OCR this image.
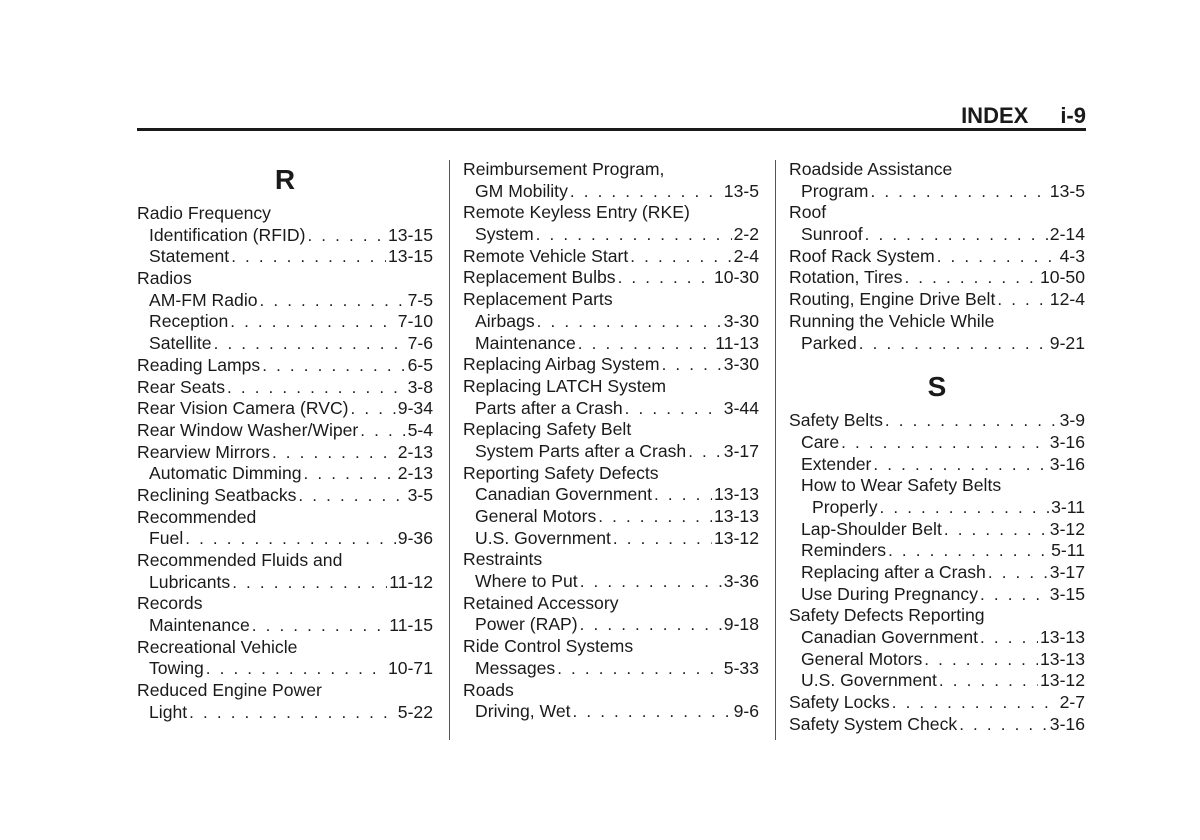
INDEX i-9
R
Radio Frequency
Identification (RFID) . . .	13-15
Statement . . .	13-15
Radios
AM-FM Radio . . .	7-5
Reception . . .	7-10
Satellite . . .	7-6
Reading Lamps . . .	6-5
Rear Seats . . .	3-8
Rear Vision Camera (RVC) . . .	9-34
Rear Window Washer/Wiper . . .	5-4
Rearview Mirrors . . .	2-13
Automatic Dimming . . .	2-13
Reclining Seatbacks . . .	3-5
Recommended
Fuel . . .	9-36
Recommended Fluids and
Lubricants . . .	11-12
Records
Maintenance . . .	11-15
Recreational Vehicle
Towing . . .	10-71
Reduced Engine Power
Light . . .	5-22
Reimbursement Program,
GM Mobility . . .	13-5
Remote Keyless Entry (RKE)
System . . .	2-2
Remote Vehicle Start . . .	2-4
Replacement Bulbs . . .	10-30
Replacement Parts
Airbags . . .	3-30
Maintenance . . .	11-13
Replacing Airbag System . . .	3-30
Replacing LATCH System
Parts after a Crash . . .	3-44
Replacing Safety Belt
System Parts after a Crash . . . 3-17
Reporting Safety Defects
Canadian Government . . .	13-13
General Motors . . .	13-13
U.S. Government . . .	13-12
Restraints
Where to Put . . .	3-36
Retained Accessory
Power (RAP) . . .	9-18
Ride Control Systems
Messages . . .	5-33
Roads
Driving, Wet . . .	9-6
Roadside Assistance
Program . . .	13-5
Roof
Sunroof . . .	2-14
Roof Rack System . . .	4-3
Rotation, Tires . . .	10-50
Routing, Engine Drive Belt . . .	12-4
Running the Vehicle While
Parked . . .	9-21
S
Safety Belts . . .	3-9
Care . . .	3-16
Extender . . .	3-16
How to Wear Safety Belts
Properly . . .	3-11
Lap-Shoulder Belt . . .	3-12
Reminders . . .	5-11
Replacing after a Crash . . .	3-17
Use During Pregnancy . . .	3-15
Safety Defects Reporting
Canadian Government . . .	13-13
General Motors . . .	13-13
U.S. Government . . .	13-12
Safety Locks . . .	2-7
Safety System Check . . .	3-16
